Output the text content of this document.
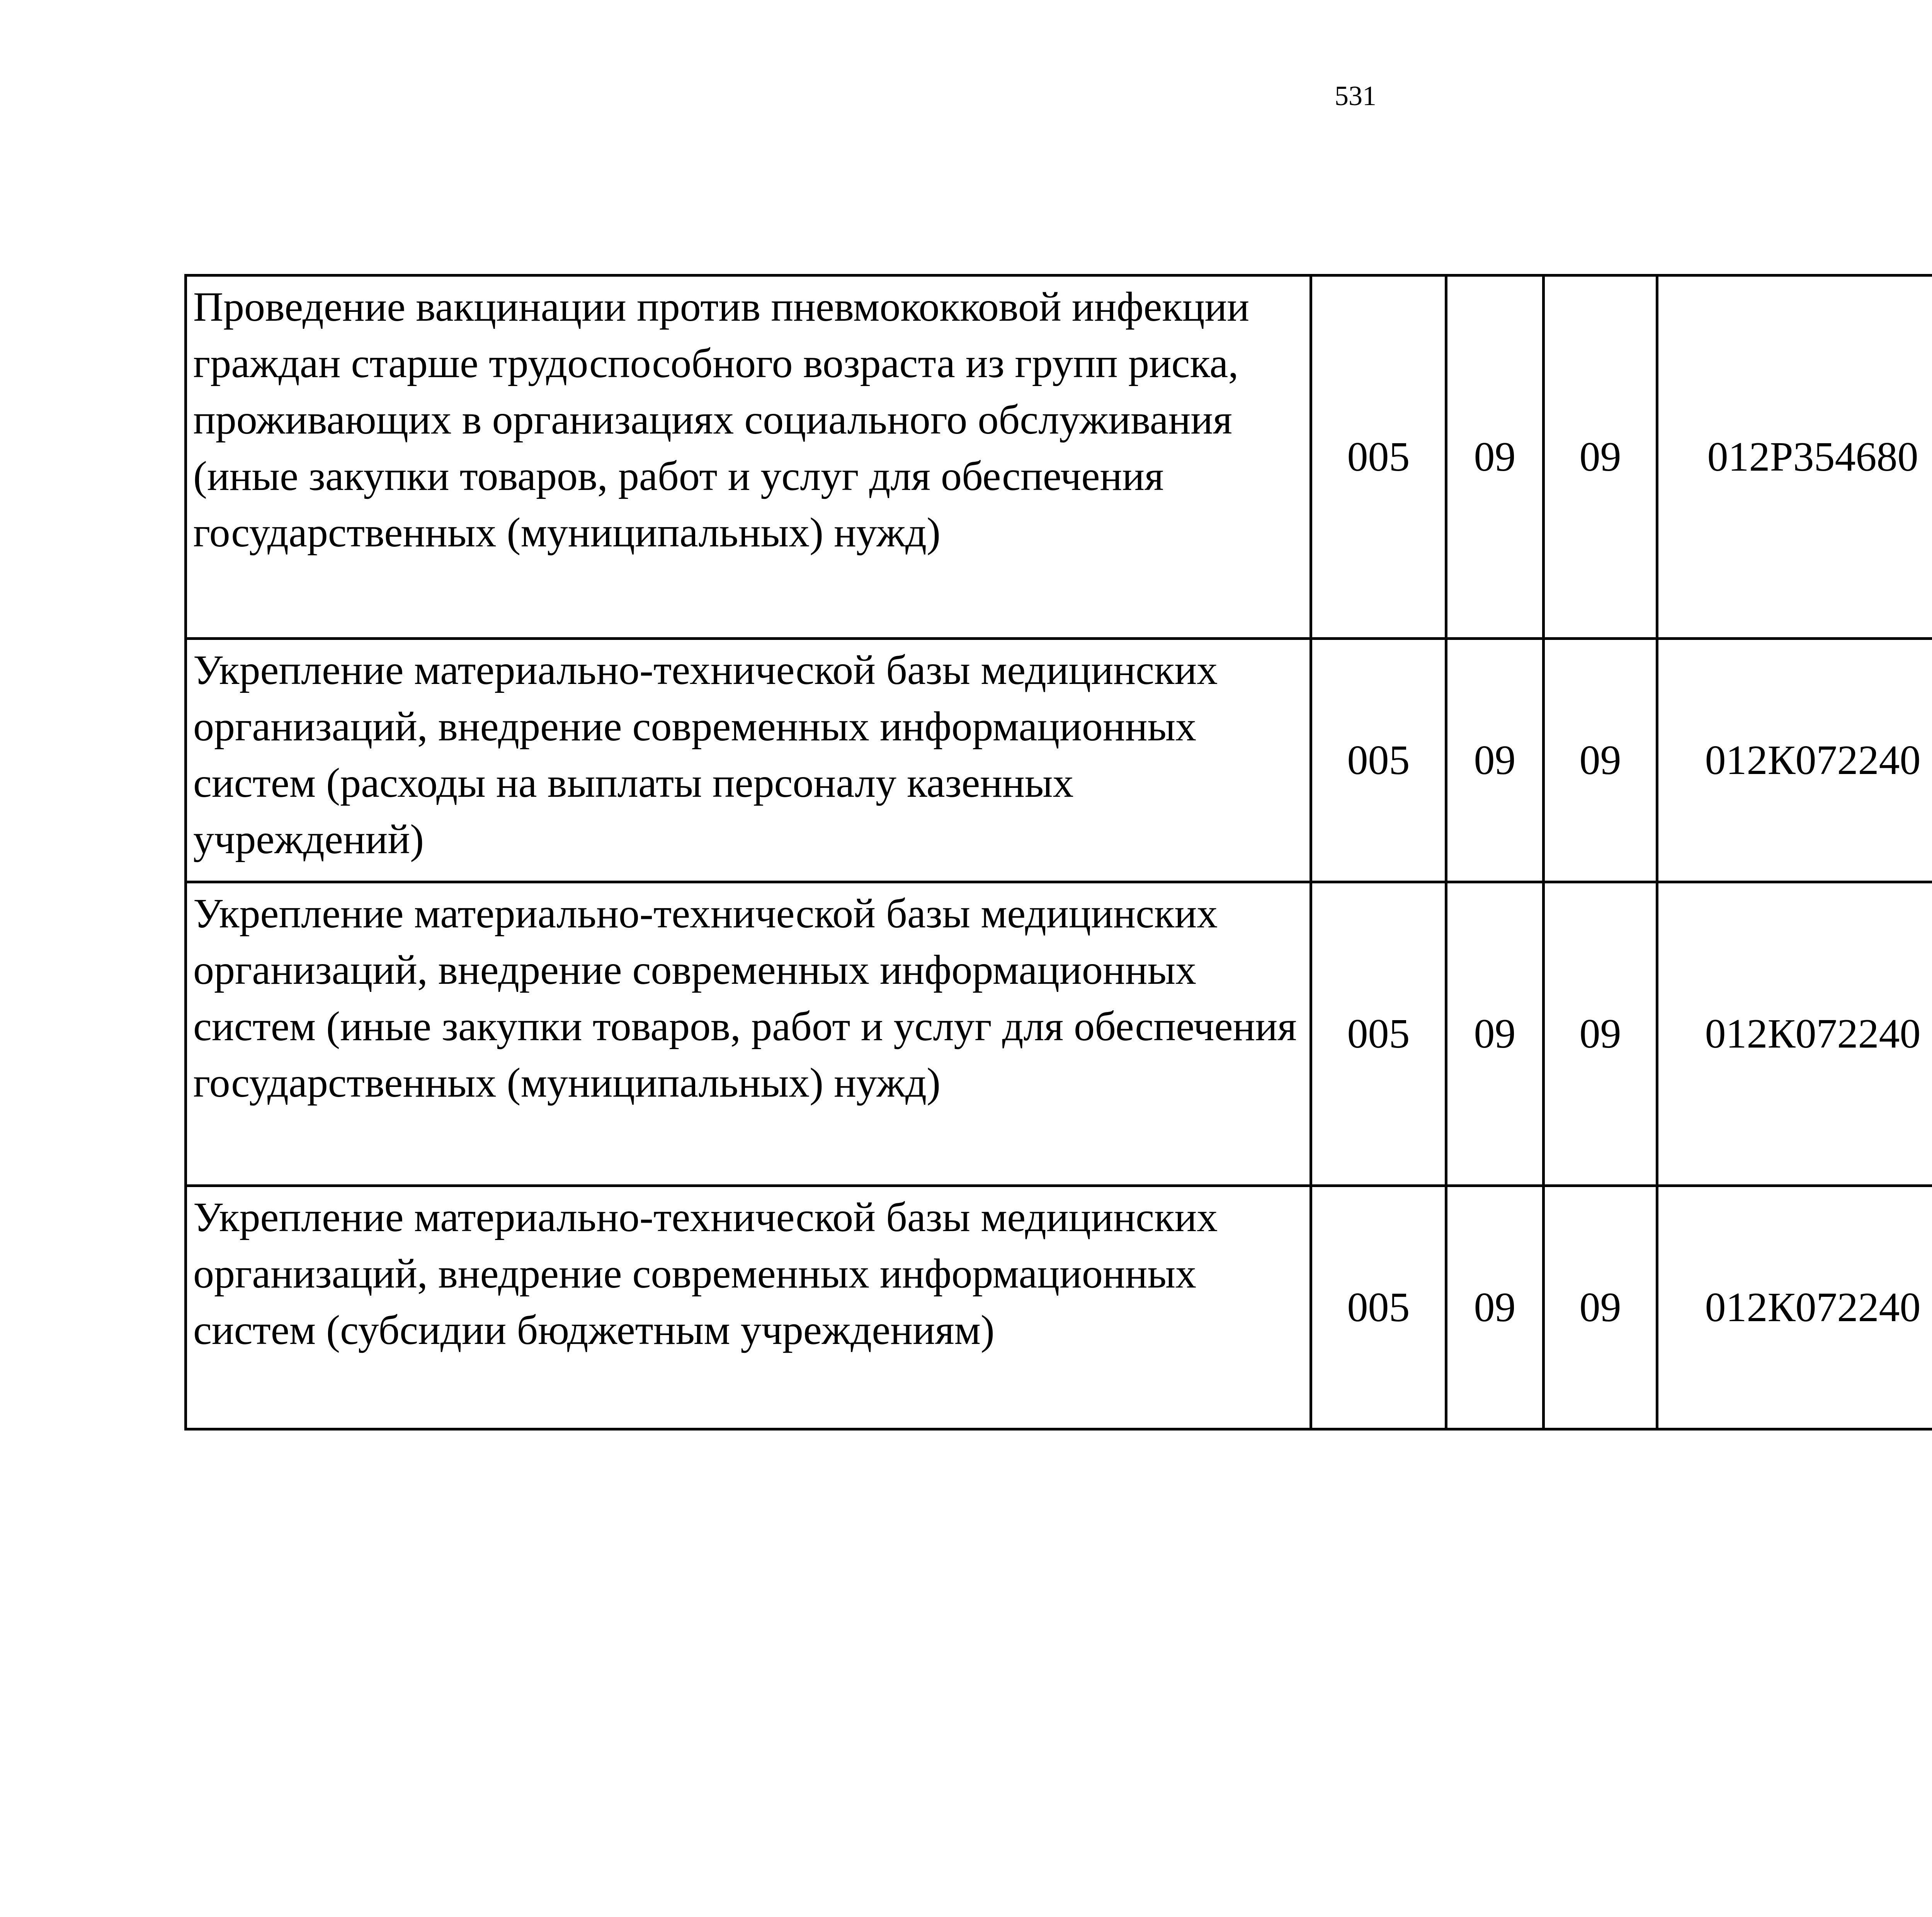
531
Проведение вакцинации против пневмококковой инфекции граждан старше трудоспособного возраста из групп риска, проживающих в организациях социального обслуживания (иные закупки товаров, работ и услуг для обеспечения государственных (муниципальных) нужд)	005	09	09	012Р354680		
Укрепление материально-технической базы медицинских организаций, внедрение современных информационных систем (расходы на выплаты персоналу казенных учреждений)	005	09	09	012К072240		
Укрепление материально-технической базы медицинских организаций, внедрение современных информационных систем (иные закупки товаров, работ и услуг для обеспечения государственных (муниципальных) нужд)	005	09	09	012К072240		
Укрепление материально-технической базы медицинских организаций, внедрение современных информационных систем (субсидии бюджетным учреждениям)	005	09	09	012К072240		
